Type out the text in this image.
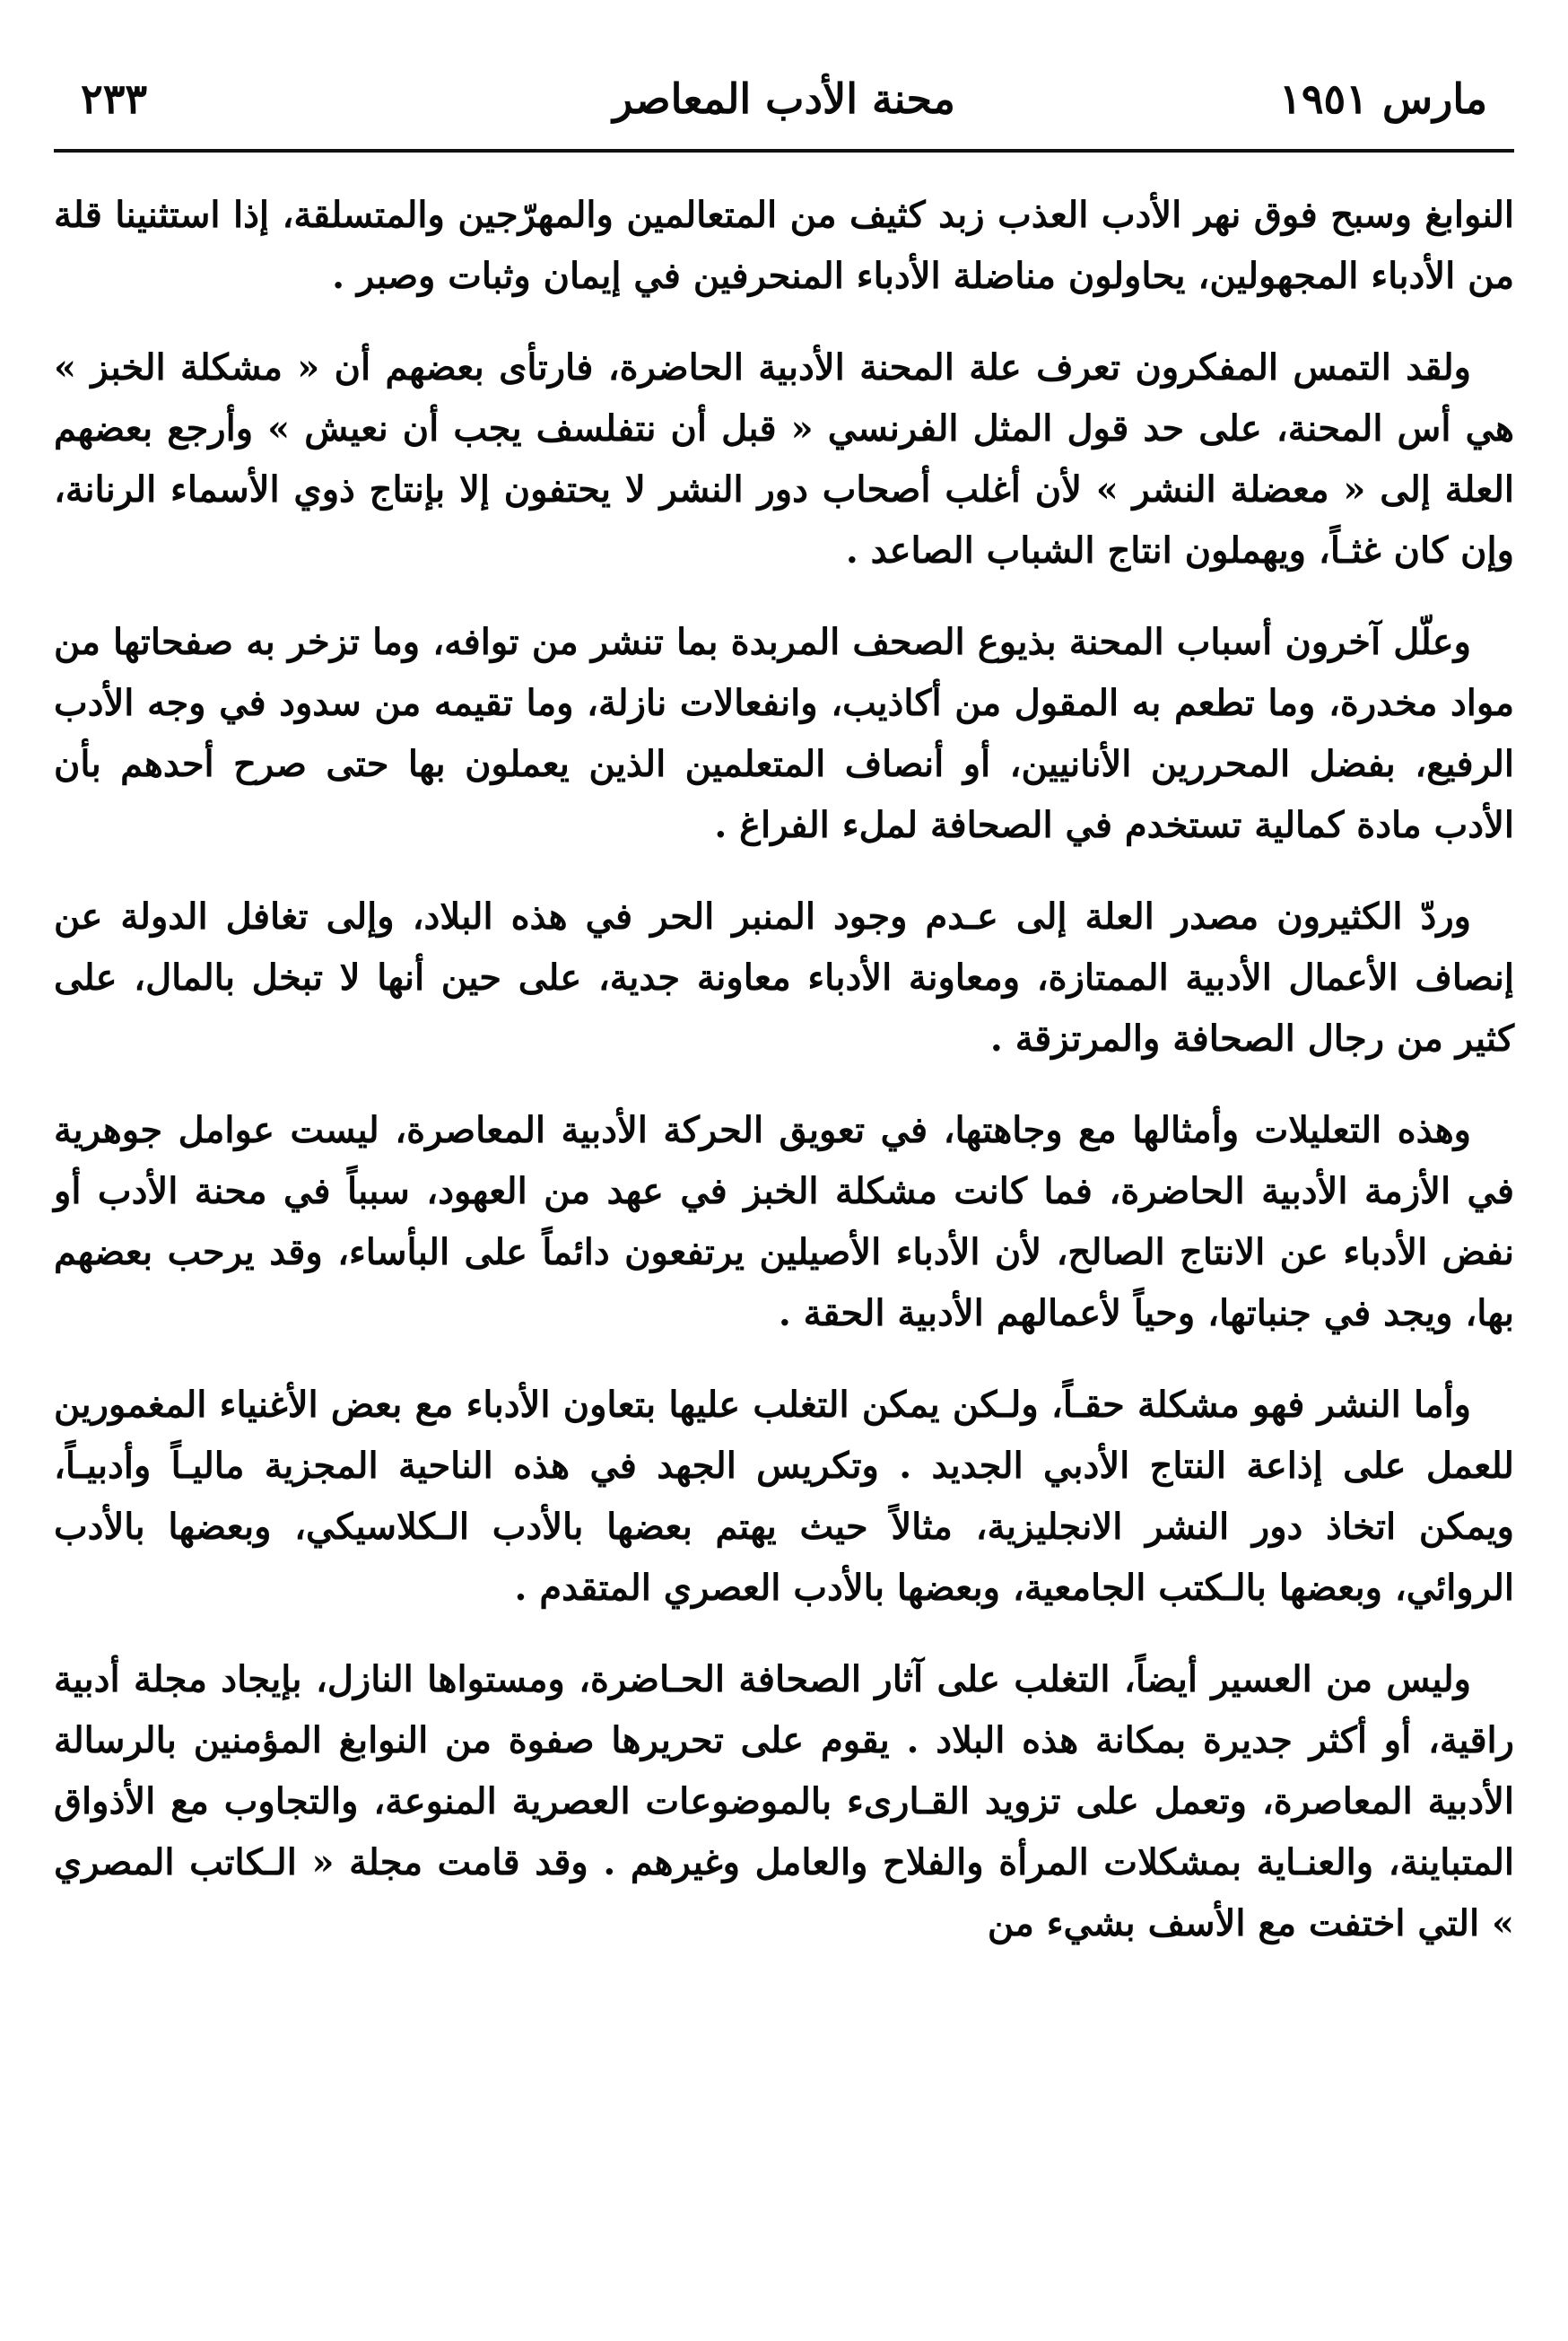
مارس ١٩٥١
محنة الأدب المعاصر
٢٣٣

النوابغ وسبح فوق نهر الأدب العذب زبد كثيف من المتعالمين والمهرّجين والمتسلقة، إذا استثنينا قلة من الأدباء المجهولين، يحاولون مناضلة الأدباء المنحرفين في إيمان وثبات وصبر .

ولقد التمس المفكرون تعرف علة المحنة الأدبية الحاضرة، فارتأى بعضهم أن « مشكلة الخبز » هي أس المحنة، على حد قول المثل الفرنسي « قبل أن نتفلسف يجب أن نعيش » وأرجع بعضهم العلة إلى « معضلة النشر » لأن أغلب أصحاب دور النشر لا يحتفون إلا بإنتاج ذوي الأسماء الرنانة، وإن كان غثـاً، ويهملون انتاج الشباب الصاعد .

وعلّل آخرون أسباب المحنة بذيوع الصحف المربدة بما تنشر من توافه، وما تزخر به صفحاتها من مواد مخدرة، وما تطعم به المقول من أكاذيب، وانفعالات نازلة، وما تقيمه من سدود في وجه الأدب الرفيع، بفضل المحررين الأنانيين، أو أنصاف المتعلمين الذين يعملون بها حتى صرح أحدهم بأن الأدب مادة كمالية تستخدم في الصحافة لملء الفراغ .

وردّ الكثيرون مصدر العلة إلى عـدم وجود المنبر الحر في هذه البلاد، وإلى تغافل الدولة عن إنصاف الأعمال الأدبية الممتازة، ومعاونة الأدباء معاونة جدية، على حين أنها لا تبخل بالمال، على كثير من رجال الصحافة والمرتزقة .

وهذه التعليلات وأمثالها مع وجاهتها، في تعويق الحركة الأدبية المعاصرة، ليست عوامل جوهرية في الأزمة الأدبية الحاضرة، فما كانت مشكلة الخبز في عهد من العهود، سبباً في محنة الأدب أو نفض الأدباء عن الانتاج الصالح، لأن الأدباء الأصيلين يرتفعون دائماً على البأساء، وقد يرحب بعضهم بها، ويجد في جنباتها، وحياً لأعمالهم الأدبية الحقة .

وأما النشر فهو مشكلة حقـاً، ولـكن يمكن التغلب عليها بتعاون الأدباء مع بعض الأغنياء المغمورين للعمل على إذاعة النتاج الأدبي الجديد . وتكريس الجهد في هذه الناحية المجزية ماليـاً وأدبيـاً، ويمكن اتخاذ دور النشر الانجليزية، مثالاً حيث يهتم بعضها بالأدب الـكلاسيكي، وبعضها بالأدب الروائي، وبعضها بالـكتب الجامعية، وبعضها بالأدب العصري المتقدم .

وليس من العسير أيضاً، التغلب على آثار الصحافة الحـاضرة، ومستواها النازل، بإيجاد مجلة أدبية راقية، أو أكثر جديرة بمكانة هذه البلاد . يقوم على تحريرها صفوة من النوابغ المؤمنين بالرسالة الأدبية المعاصرة، وتعمل على تزويد القـارىء بالموضوعات العصرية المنوعة، والتجاوب مع الأذواق المتباينة، والعنـاية بمشكلات المرأة والفلاح والعامل وغيرهم . وقد قامت مجلة « الـكاتب المصري » التي اختفت مع الأسف بشيء من
